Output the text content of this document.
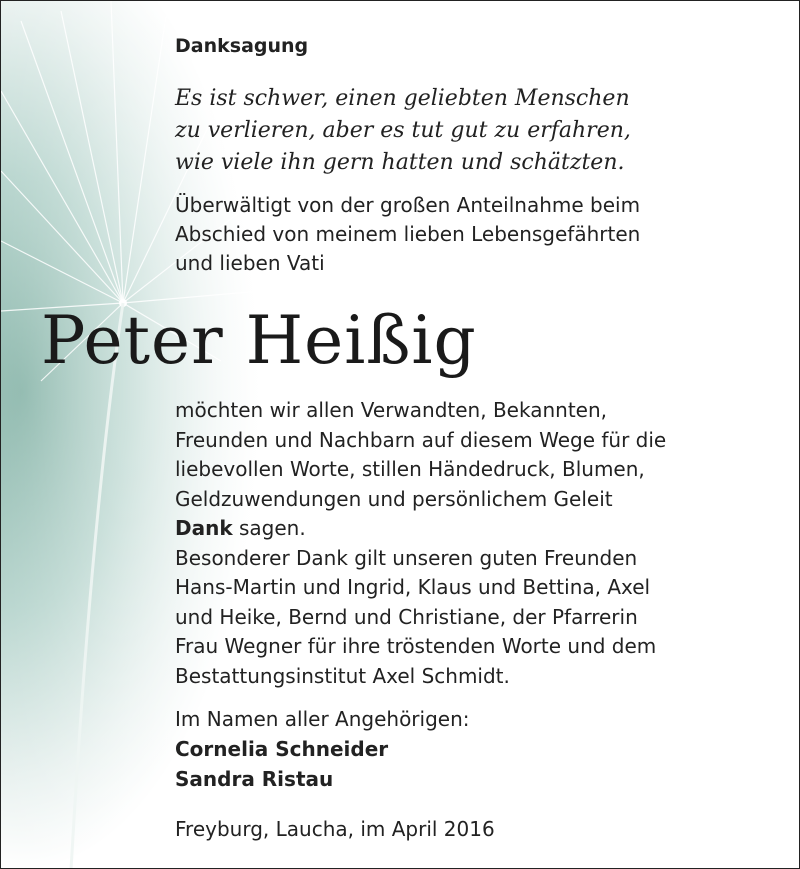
Danksagung
Es ist schwer, einen geliebten Menschen
zu verlieren, aber es tut gut zu erfahren,
wie viele ihn gern hatten und schätzten.
Überwältigt von der großen Anteilnahme beim
Abschied von meinem lieben Lebensgefährten
und lieben Vati
Peter Heißig
möchten wir allen Verwandten, Bekannten,
Freunden und Nachbarn auf diesem Wege für die
liebevollen Worte, stillen Händedruck, Blumen,
Geldzuwendungen und persönlichem Geleit
Dank sagen.
Besonderer Dank gilt unseren guten Freunden
Hans-Martin und Ingrid, Klaus und Bettina, Axel
und Heike, Bernd und Christiane, der Pfarrerin
Frau Wegner für ihre tröstenden Worte und dem
Bestattungsinstitut Axel Schmidt.
Im Namen aller Angehörigen:
Cornelia Schneider
Sandra Ristau
Freyburg, Laucha, im April 2016
